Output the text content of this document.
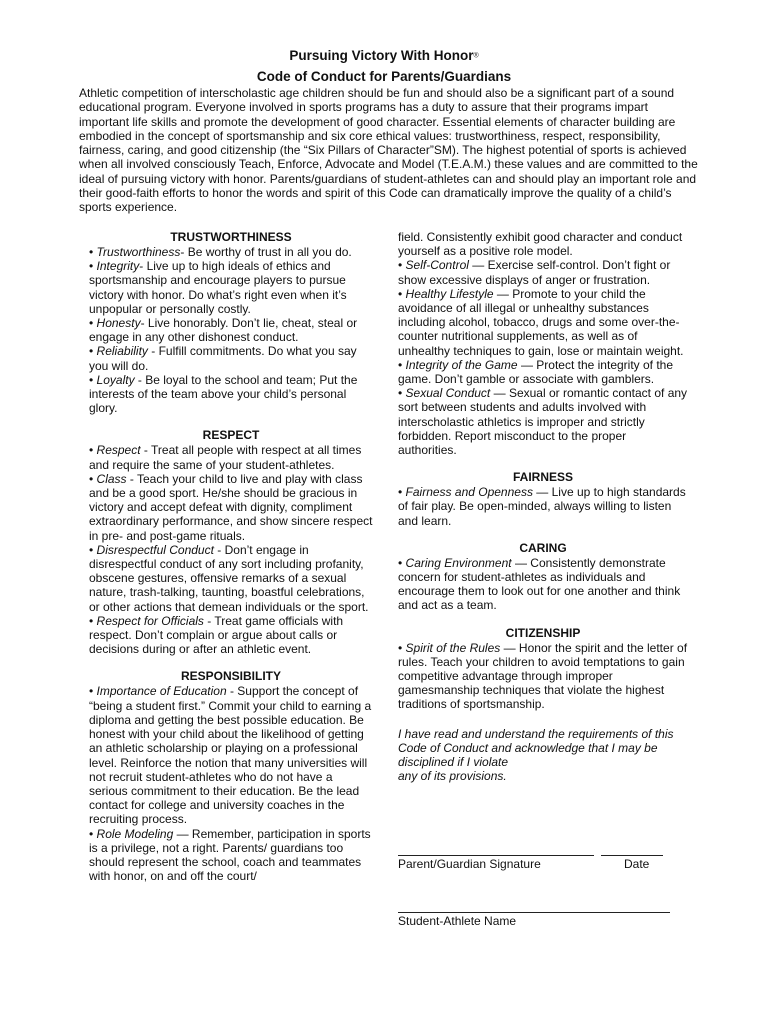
Pursuing Victory With Honor®
Code of Conduct for Parents/Guardians

Athletic competition of interscholastic age children should be fun and should also be a significant part of a sound educational program. Everyone involved in sports programs has a duty to assure that their programs impart important life skills and promote the development of good character. Essential elements of character building are embodied in the concept of sportsmanship and six core ethical values: trustworthiness, respect, responsibility, fairness, caring, and good citizenship (the “Six Pillars of Character”SM). The highest potential of sports is achieved when all involved consciously Teach, Enforce, Advocate and Model (T.E.A.M.) these values and are committed to the ideal of pursuing victory with honor. Parents/guardians of student-athletes can and should play an important role and their good-faith efforts to honor the words and spirit of this Code can dramatically improve the quality of a child’s sports experience.

TRUSTWORTHINESS

• Trustworthiness- Be worthy of trust in all you do.

• Integrity- Live up to high ideals of ethics and sportsmanship and encourage players to pursue victory with honor. Do what’s right even when it’s unpopular or personally costly.

• Honesty- Live honorably. Don’t lie, cheat, steal or engage in any other dishonest conduct.

• Reliability - Fulfill commitments. Do what you say you will do.

• Loyalty - Be loyal to the school and team; Put the interests of the team above your child’s personal glory.

RESPECT

• Respect - Treat all people with respect at all times and require the same of your student-athletes.

• Class - Teach your child to live and play with class and be a good sport. He/she should be gracious in victory and accept defeat with dignity, compliment extraordinary performance, and show sincere respect in pre- and post-game rituals.

• Disrespectful Conduct - Don’t engage in disrespectful conduct of any sort including profanity, obscene gestures, offensive remarks of a sexual nature, trash-talking, taunting, boastful celebrations, or other actions that demean individuals or the sport.

• Respect for Officials - Treat game officials with respect. Don’t complain or argue about calls or decisions during or after an athletic event.

RESPONSIBILITY

• Importance of Education - Support the concept of “being a student first.” Commit your child to earning a diploma and getting the best possible education. Be honest with your child about the likelihood of getting an athletic scholarship or playing on a professional level. Reinforce the notion that many universities will not recruit student-athletes who do not have a serious commitment to their education. Be the lead contact for college and university coaches in the recruiting process.

• Role Modeling — Remember, participation in sports is a privilege, not a right. Parents/ guardians too should represent the school, coach and teammates with honor, on and off the court/

field. Consistently exhibit good character and conduct yourself as a positive role model.

• Self-Control — Exercise self-control. Don’t fight or show excessive displays of anger or frustration.

• Healthy Lifestyle — Promote to your child the avoidance of all illegal or unhealthy substances including alcohol, tobacco, drugs and some over-the-counter nutritional supplements, as well as of unhealthy techniques to gain, lose or maintain weight.

• Integrity of the Game — Protect the integrity of the game. Don’t gamble or associate with gamblers.

• Sexual Conduct — Sexual or romantic contact of any sort between students and adults involved with interscholastic athletics is improper and strictly forbidden. Report misconduct to the proper authorities.

FAIRNESS

• Fairness and Openness — Live up to high standards of fair play. Be open-minded, always willing to listen and learn.

CARING

• Caring Environment — Consistently demonstrate concern for student-athletes as individuals and encourage them to look out for one another and think and act as a team.

CITIZENSHIP

• Spirit of the Rules — Honor the spirit and the letter of rules. Teach your children to avoid temptations to gain competitive advantage through improper gamesmanship techniques that violate the highest traditions of sportsmanship.

I have read and understand the requirements of this Code of Conduct and acknowledge that I may be disciplined if I violate
any of its provisions.

Parent/Guardian Signature	Date
Student-Athlete Name
